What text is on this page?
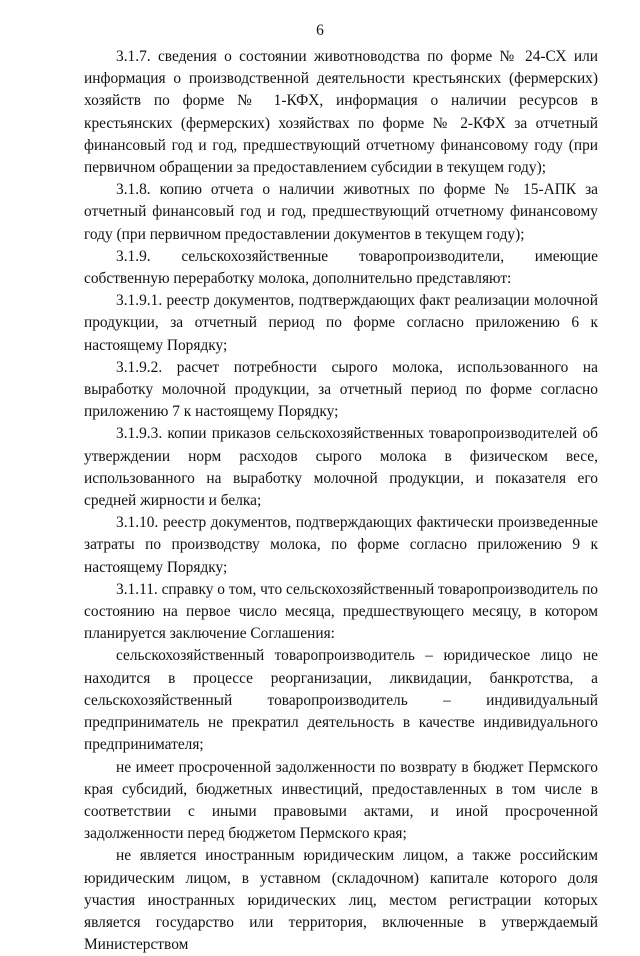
6

3.1.7. сведения о состоянии животноводства по форме № 24-СХ или информация о производственной деятельности крестьянских (фермерских) хозяйств по форме № 1-КФХ, информация о наличии ресурсов в крестьянских (фермерских) хозяйствах по форме № 2-КФХ за отчетный финансовый год и год, предшествующий отчетному финансовому году (при первичном обращении за предоставлением субсидии в текущем году);

3.1.8. копию отчета о наличии животных по форме № 15-АПК за отчетный финансовый год и год, предшествующий отчетному финансовому году (при первичном предоставлении документов в текущем году);

3.1.9. сельскохозяйственные товаропроизводители, имеющие собственную переработку молока, дополнительно представляют:

3.1.9.1. реестр документов, подтверждающих факт реализации молочной продукции, за отчетный период по форме согласно приложению 6 к настоящему Порядку;

3.1.9.2. расчет потребности сырого молока, использованного на выработку молочной продукции, за отчетный период по форме согласно приложению 7 к настоящему Порядку;

3.1.9.3. копии приказов сельскохозяйственных товаропроизводителей об утверждении норм расходов сырого молока в физическом весе, использованного на выработку молочной продукции, и показателя его средней жирности и белка;

3.1.10. реестр документов, подтверждающих фактически произведенные затраты по производству молока, по форме согласно приложению 9 к настоящему Порядку;

3.1.11. справку о том, что сельскохозяйственный товаропроизводитель по состоянию на первое число месяца, предшествующего месяцу, в котором планируется заключение Соглашения:

сельскохозяйственный товаропроизводитель – юридическое лицо не находится в процессе реорганизации, ликвидации, банкротства, а сельскохозяйственный товаропроизводитель – индивидуальный предприниматель не прекратил деятельность в качестве индивидуального предпринимателя;

не имеет просроченной задолженности по возврату в бюджет Пермского края субсидий, бюджетных инвестиций, предоставленных в том числе в соответствии с иными правовыми актами, и иной просроченной задолженности перед бюджетом Пермского края;

не является иностранным юридическим лицом, а также российским юридическим лицом, в уставном (складочном) капитале которого доля участия иностранных юридических лиц, местом регистрации которых является государство или территория, включенные в утверждаемый Министерством
